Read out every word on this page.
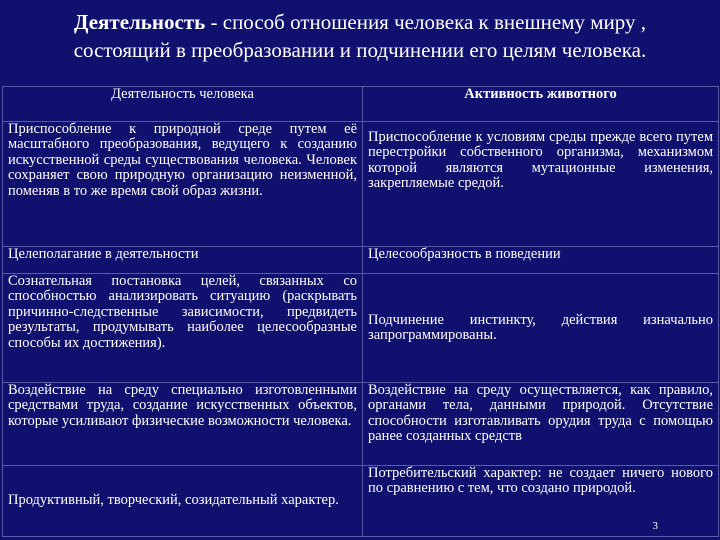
Деятельность - способ отношения человека к внешнему миру ,
состоящий в преобразовании и подчинении его целям человека.
Деятельность человека	Активность животного
Приспособление к природной среде путем её масштабного преобразования, ведущего к созданию искусственной среды существования человека. Человек сохраняет свою природную организацию неизменной, поменяв в то же время свой образ жизни.	Приспособление к условиям среды прежде всего путем перестройки собственного организма, механизмом которой являются мутационные изменения, закрепляемые средой.
Целеполагание в деятельности	Целесообразность в поведении
Сознательная постановка целей, связанных со способностью анализировать ситуацию (раскрывать причинно-следственные зависимости, предвидеть результаты, продумывать наиболее целесообразные способы их достижения).	Подчинение инстинкту, действия изначально запрограммированы.
Воздействие на среду специально изготовленными средствами труда, создание искусственных объектов, которые усиливают физические возможности человека.	Воздействие на среду осуществляется, как правило, органами тела, данными природой. Отсутствие способности изготавливать орудия труда с помощью ранее созданных средств
Продуктивный, творческий, созидательный характер.	Потребительский характер: не создает ничего нового по сравнению с тем, что создано природой.
3
